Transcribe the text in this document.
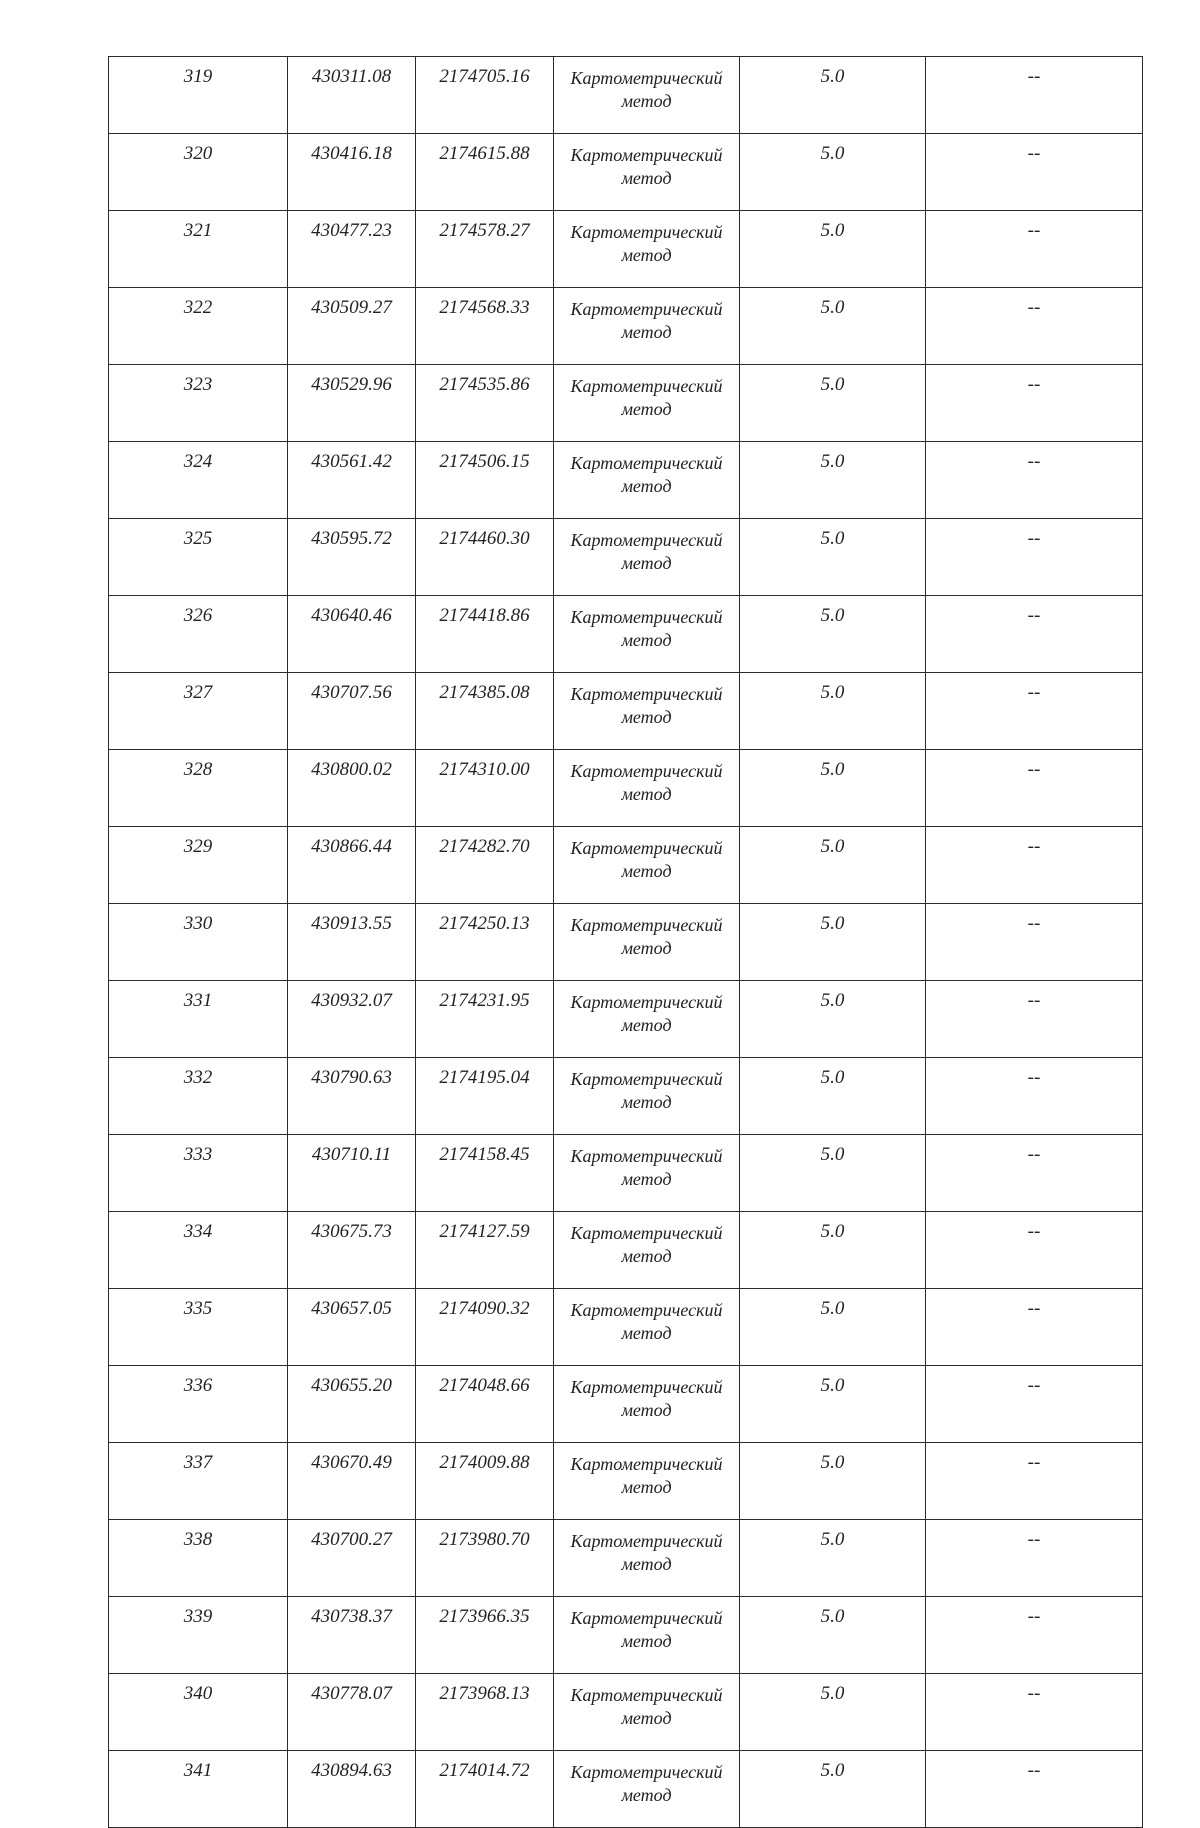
319	430311.08	2174705.16	Картометрический
метод	5.0	--
320	430416.18	2174615.88	Картометрический
метод	5.0	--
321	430477.23	2174578.27	Картометрический
метод	5.0	--
322	430509.27	2174568.33	Картометрический
метод	5.0	--
323	430529.96	2174535.86	Картометрический
метод	5.0	--
324	430561.42	2174506.15	Картометрический
метод	5.0	--
325	430595.72	2174460.30	Картометрический
метод	5.0	--
326	430640.46	2174418.86	Картометрический
метод	5.0	--
327	430707.56	2174385.08	Картометрический
метод	5.0	--
328	430800.02	2174310.00	Картометрический
метод	5.0	--
329	430866.44	2174282.70	Картометрический
метод	5.0	--
330	430913.55	2174250.13	Картометрический
метод	5.0	--
331	430932.07	2174231.95	Картометрический
метод	5.0	--
332	430790.63	2174195.04	Картометрический
метод	5.0	--
333	430710.11	2174158.45	Картометрический
метод	5.0	--
334	430675.73	2174127.59	Картометрический
метод	5.0	--
335	430657.05	2174090.32	Картометрический
метод	5.0	--
336	430655.20	2174048.66	Картометрический
метод	5.0	--
337	430670.49	2174009.88	Картометрический
метод	5.0	--
338	430700.27	2173980.70	Картометрический
метод	5.0	--
339	430738.37	2173966.35	Картометрический
метод	5.0	--
340	430778.07	2173968.13	Картометрический
метод	5.0	--
341	430894.63	2174014.72	Картометрический
метод	5.0	--
